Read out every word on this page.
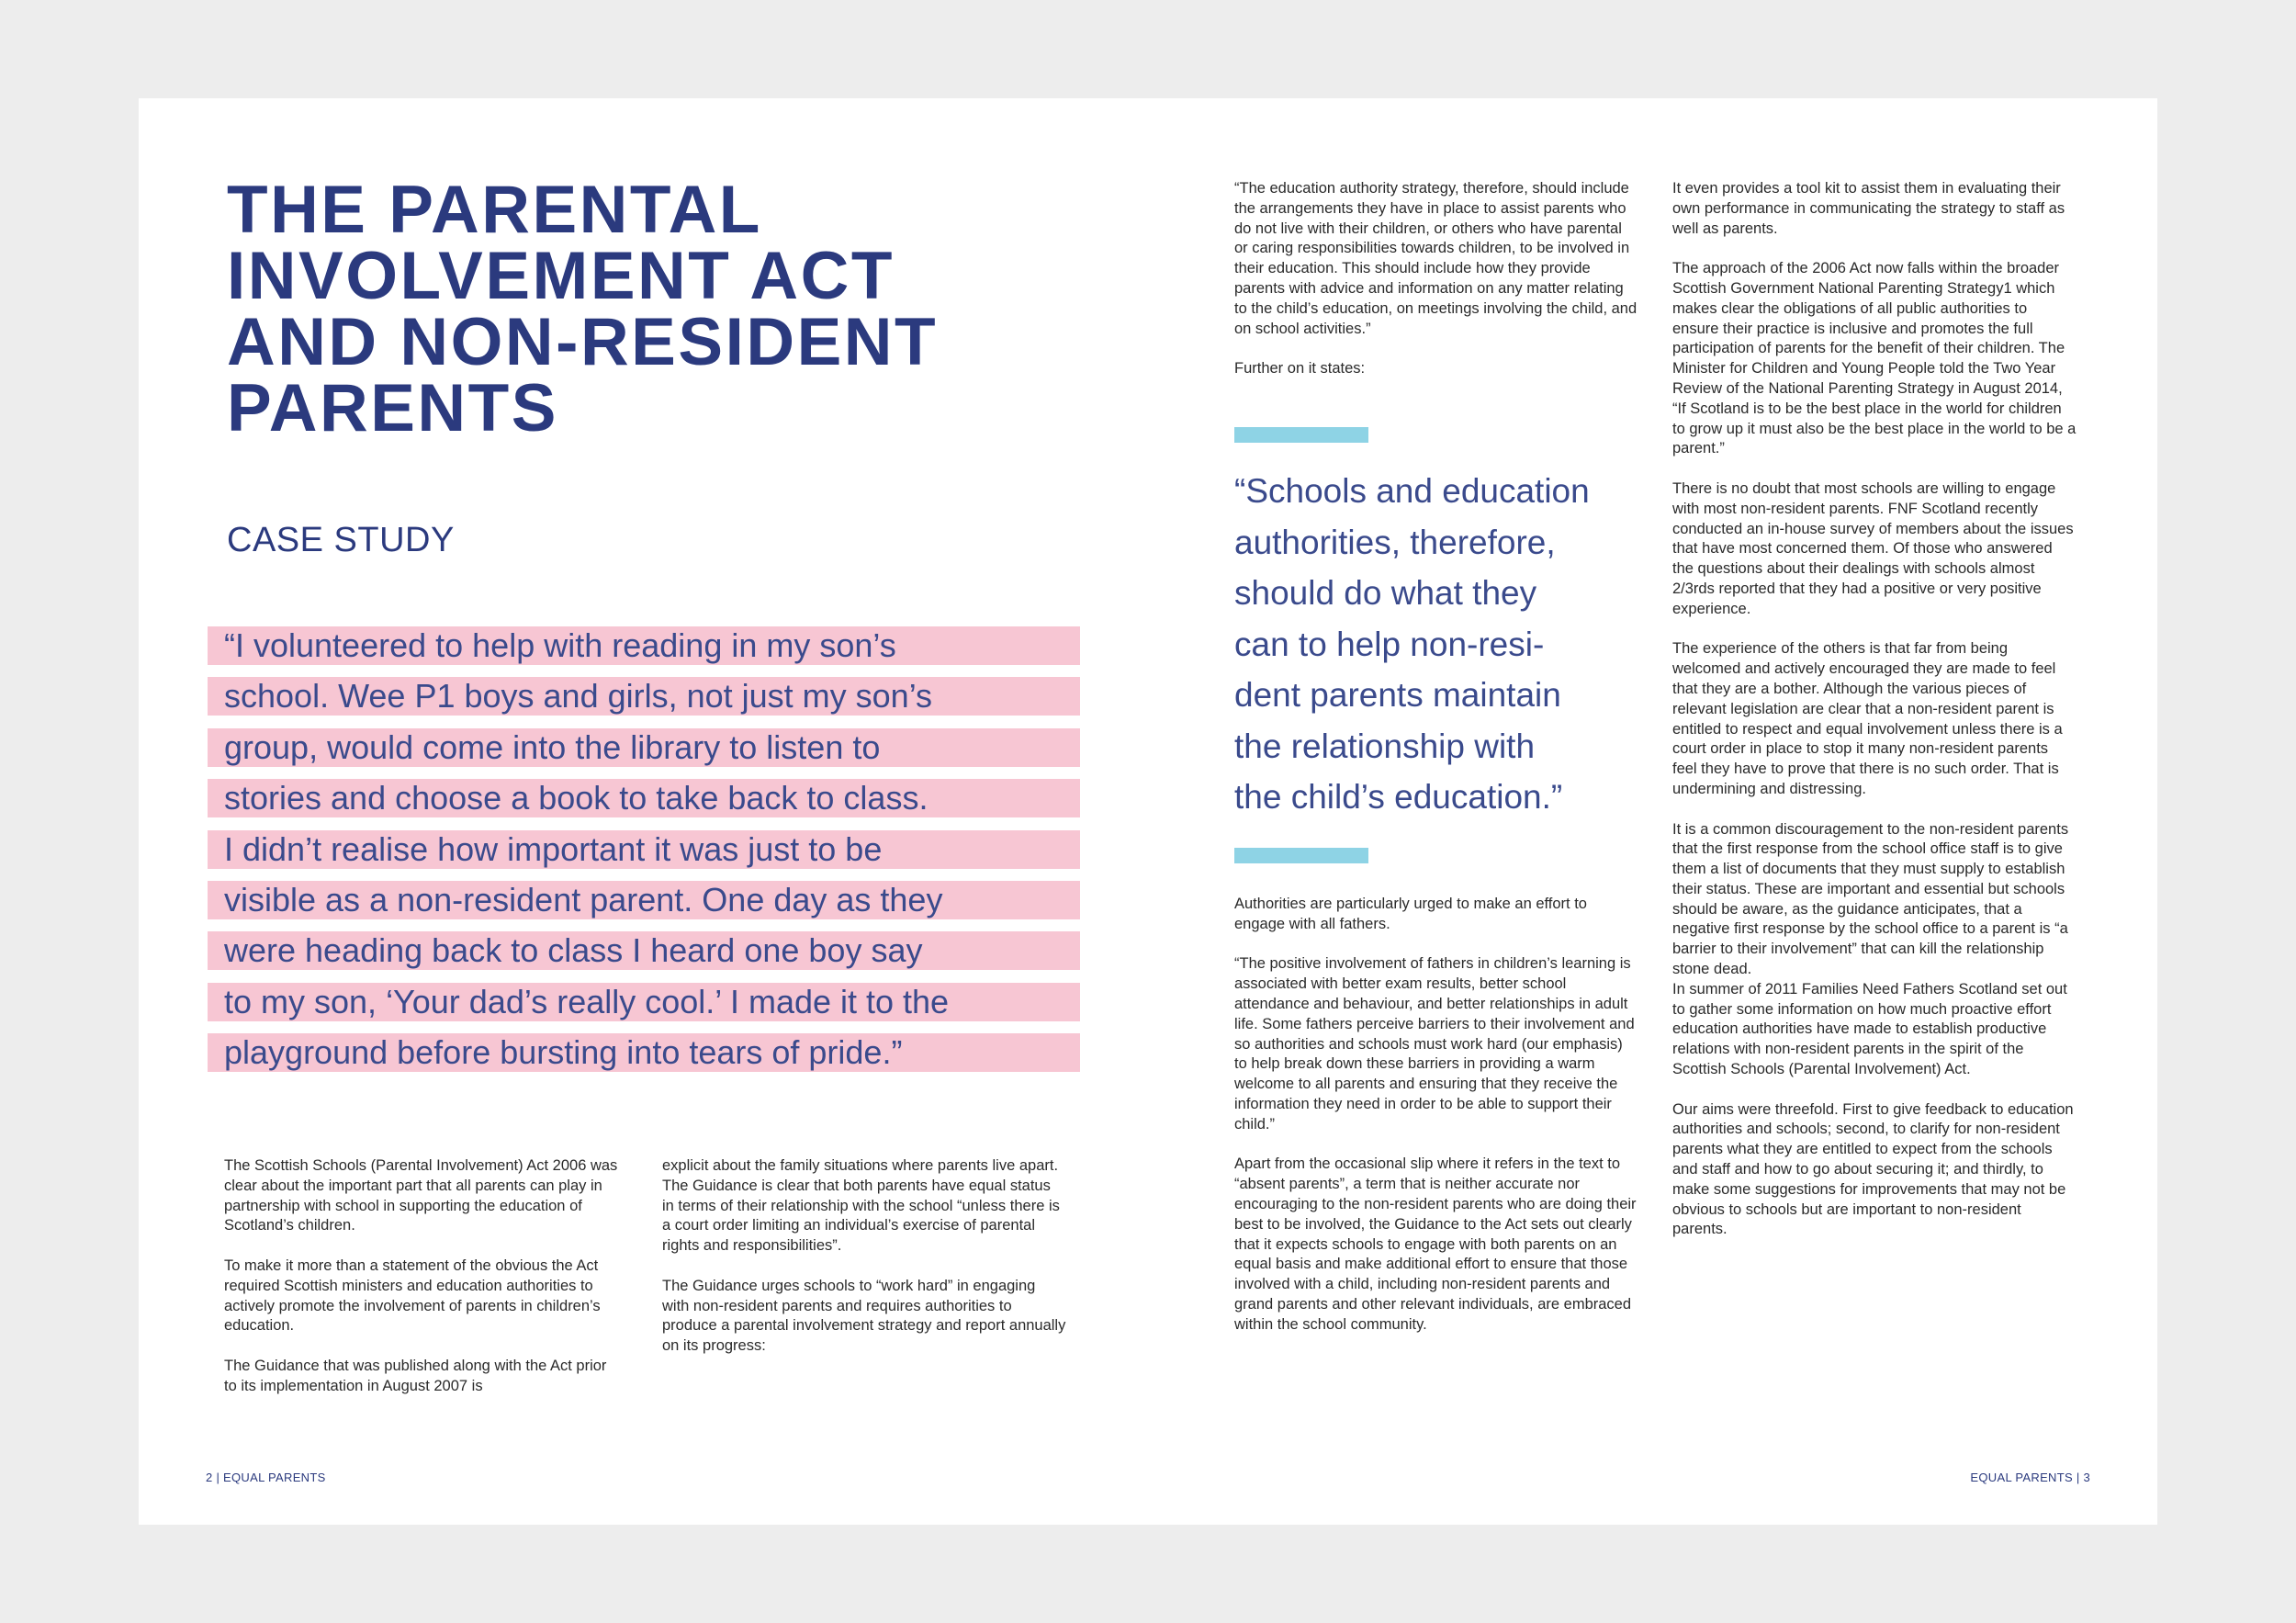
THE PARENTAL
INVOLVEMENT ACT
AND NON-RESIDENT
PARENTS
CASE STUDY
“I volunteered to help with reading in my son’s
school. Wee P1 boys and girls, not just my son’s
group, would come into the library to listen to
stories and choose a book to take back to class.
I didn’t realise how important it was just to be
visible as a non-resident parent. One day as they
were heading back to class I heard one boy say
to my son, ‘Your dad’s really cool.’ I made it to the
playground before bursting into tears of pride.”

The Scottish Schools (Parental Involvement) Act 2006 was clear about the important part that all parents can play in partnership with school in supporting the education of Scotland’s children.

To make it more than a statement of the obvious the Act required Scottish ministers and education authorities to actively promote the involvement of parents in children’s education.

The Guidance that was published along with the Act prior to its implementation in August 2007 is

explicit about the family situations where parents live apart. The Guidance is clear that both parents have equal status in terms of their relationship with the school “unless there is a court order limiting an individual’s exercise of parental rights and responsibilities”.

The Guidance urges schools to “work hard” in engaging with non-resident parents and requires authorities to produce a parental involvement strategy and report annually on its progress:

2 | EQUAL PARENTS

“The education authority strategy, therefore, should include the arrangements they have in place to assist parents who do not live with their children, or others who have parental or caring responsibilities towards children, to be involved in their education. This should include how they provide parents with advice and information on any matter relating to the child’s education, on meetings involving the child, and on school activities.”

Further on it states:

“Schools and education
authorities, therefore,
should do what they
can to help non-resi-
dent parents maintain
the relationship with
the child’s education.”

Authorities are particularly urged to make an effort to engage with all fathers.

“The positive involvement of fathers in children’s learning is associated with better exam results, better school attendance and behaviour, and better relationships in adult life. Some fathers perceive barriers to their involvement and so authorities and schools must work hard (our emphasis) to help break down these barriers in providing a warm welcome to all parents and ensuring that they receive the information they need in order to be able to support their child.”

Apart from the occasional slip where it refers in the text to “absent parents”, a term that is neither accurate nor encouraging to the non-resident parents who are doing their best to be involved, the Guidance to the Act sets out clearly that it expects schools to engage with both parents on an equal basis and make additional effort to ensure that those involved with a child, including non-resident parents and grand parents and other relevant individuals, are embraced within the school community.

It even provides a tool kit to assist them in evaluating their own performance in communicating the strategy to staff as well as parents.

The approach of the 2006 Act now falls within the broader Scottish Government National Parenting Strategy1 which makes clear the obligations of all public authorities to ensure their practice is inclusive and promotes the full participation of parents for the benefit of their children. The Minister for Children and Young People told the Two Year Review of the National Parenting Strategy in August 2014, “If Scotland is to be the best place in the world for children to grow up it must also be the best place in the world to be a parent.”

There is no doubt that most schools are willing to engage with most non-resident parents. FNF Scotland recently conducted an in-house survey of members about the issues that have most concerned them. Of those who answered the questions about their dealings with schools almost 2/3rds reported that they had a positive or very positive experience.

The experience of the others is that far from being welcomed and actively encouraged they are made to feel that they are a bother. Although the various pieces of relevant legislation are clear that a non-resident parent is entitled to respect and equal involvement unless there is a court order in place to stop it many non-resident parents feel they have to prove that there is no such order. That is undermining and distressing.

It is a common discouragement to the non-resident parents that the first response from the school office staff is to give them a list of documents that they must supply to establish their status. These are important and essential but schools should be aware, as the guidance anticipates, that a negative first response by the school office to a parent is “a barrier to their involvement” that can kill the relationship stone dead.

In summer of 2011 Families Need Fathers Scotland set out to gather some information on how much proactive effort education authorities have made to establish productive relations with non-resident parents in the spirit of the Scottish Schools (Parental Involvement) Act.

Our aims were threefold. First to give feedback to education authorities and schools; second, to clarify for non-resident parents what they are entitled to expect from the schools and staff and how to go about securing it; and thirdly, to make some suggestions for improvements that may not be obvious to schools but are important to non-resident parents.

EQUAL PARENTS | 3
